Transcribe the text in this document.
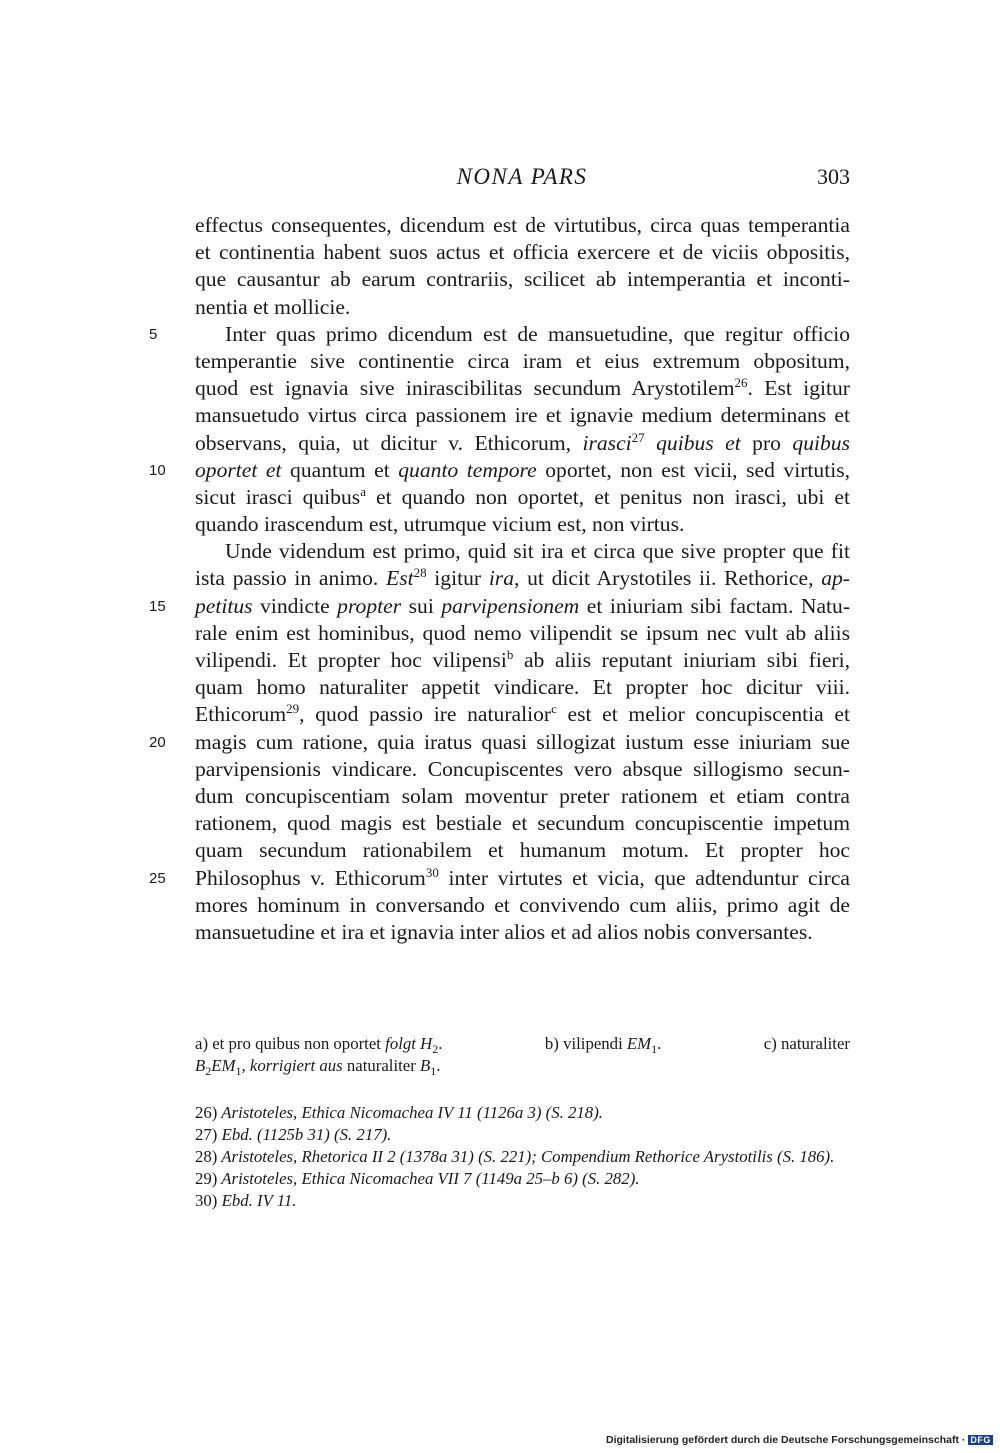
NONA PARS	303
effectus consequentes, dicendum est de virtutibus, circa quas temperantia
et continentia habent suos actus et officia exercere et de viciis obpositis,
que causantur ab earum contrariis, scilicet ab intemperantia et inconti-
nentia et mollicie.
5	Inter quas primo dicendum est de mansuetudine, que regitur officio
temperantie sive continentie circa iram et eius extremum obpositum,
quod est ignavia sive inirascibilitas secundum Arystotilem$^{26}$. Est igitur
mansuetudo virtus circa passionem ire et ignavie medium determinans et
observans, quia, ut dicitur v. Ethicorum, irasci$^{27}$ quibus et pro quibus
10	oportet et quantum et quanto tempore oportet, non est vicii, sed virtutis,
sicut irasci quibus$^a$ et quando non oportet, et penitus non irasci, ubi et
quando irascendum est, utrumque vicium est, non virtus.
Unde videndum est primo, quid sit ira et circa que sive propter que fit
ista passio in animo. Est$^{28}$ igitur ira, ut dicit Arystotiles ii. Rethorice, ap-
15	petitus vindicte propter sui parvipensionem et iniuriam sibi factam. Natu-
rale enim est hominibus, quod nemo vilipendit se ipsum nec vult ab aliis
vilipendi. Et propter hoc vilipensi$^b$ ab aliis reputant iniuriam sibi fieri,
quam homo naturaliter appetit vindicare. Et propter hoc dicitur viii.
Ethicorum$^{29}$, quod passio ire naturalior$^c$ est et melior concupiscentia et
20	magis cum ratione, quia iratus quasi sillogizat iustum esse iniuriam sue
parvipensionis vindicare. Concupiscentes vero absque sillogismo secun-
dum concupiscentiam solam moventur preter rationem et etiam contra
rationem, quod magis est bestiale et secundum concupiscentie impetum
quam secundum rationabilem et humanum motum. Et propter hoc
25	Philosophus v. Ethicorum$^{30}$ inter virtutes et vicia, que adtenduntur circa
mores hominum in conversando et convivendo cum aliis, primo agit de
mansuetudine et ira et ignavia inter alios et ad alios nobis conversantes.
a) et pro quibus non oportet folgt $H_2$.	b) vilipendi $EM_1$.	c) naturaliter
$B_2EM_1$, korrigiert aus naturaliter $B_1$.
26) Aristoteles, Ethica Nicomachea IV 11 (1126a 3) (S. 218).
27) Ebd. (1125b 31) (S. 217).
28) Aristoteles, Rhetorica II 2 (1378a 31) (S. 221); Compendium Rethorice Arystotilis (S. 186).
29) Aristoteles, Ethica Nicomachea VII 7 (1149a 25–b 6) (S. 282).
30) Ebd. IV 11.
Digitalisierung gefördert durch die Deutsche Forschungsgemeinschaft · DFG
